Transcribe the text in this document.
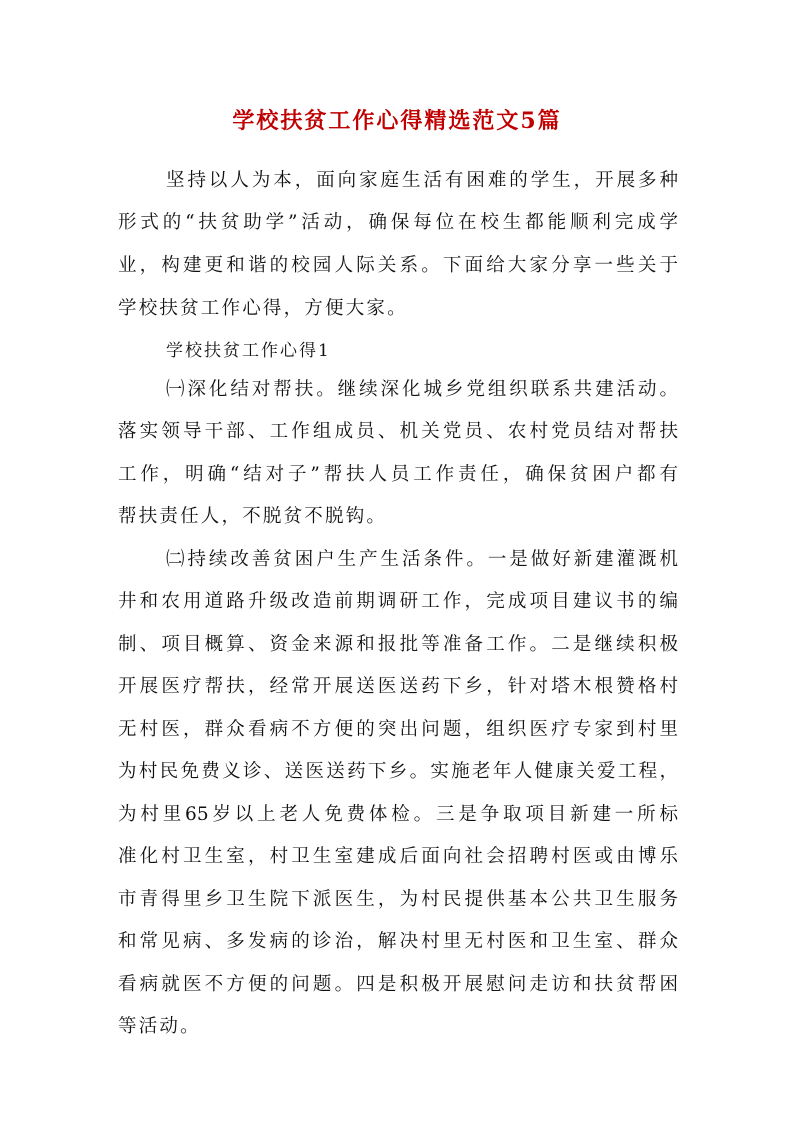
学校扶贫工作心得精选范文5篇

坚持以人为本，面向家庭生活有困难的学生，开展多种

形式的“扶贫助学”活动，确保每位在校生都能顺利完成学

业，构建更和谐的校园人际关系。下面给大家分享一些关于

学校扶贫工作心得，方便大家。

学校扶贫工作心得1

㈠深化结对帮扶。继续深化城乡党组织联系共建活动。

落实领导干部、工作组成员、机关党员、农村党员结对帮扶

工作，明确“结对子”帮扶人员工作责任，确保贫困户都有

帮扶责任人，不脱贫不脱钩。

㈡持续改善贫困户生产生活条件。一是做好新建灌溉机

井和农用道路升级改造前期调研工作，完成项目建议书的编

制、项目概算、资金来源和报批等准备工作。二是继续积极

开展医疗帮扶，经常开展送医送药下乡，针对塔木根赞格村

无村医，群众看病不方便的突出问题，组织医疗专家到村里

为村民免费义诊、送医送药下乡。实施老年人健康关爱工程，

为村里65岁以上老人免费体检。三是争取项目新建一所标

准化村卫生室，村卫生室建成后面向社会招聘村医或由博乐

市青得里乡卫生院下派医生，为村民提供基本公共卫生服务

和常见病、多发病的诊治，解决村里无村医和卫生室、群众

看病就医不方便的问题。四是积极开展慰问走访和扶贫帮困

等活动。
